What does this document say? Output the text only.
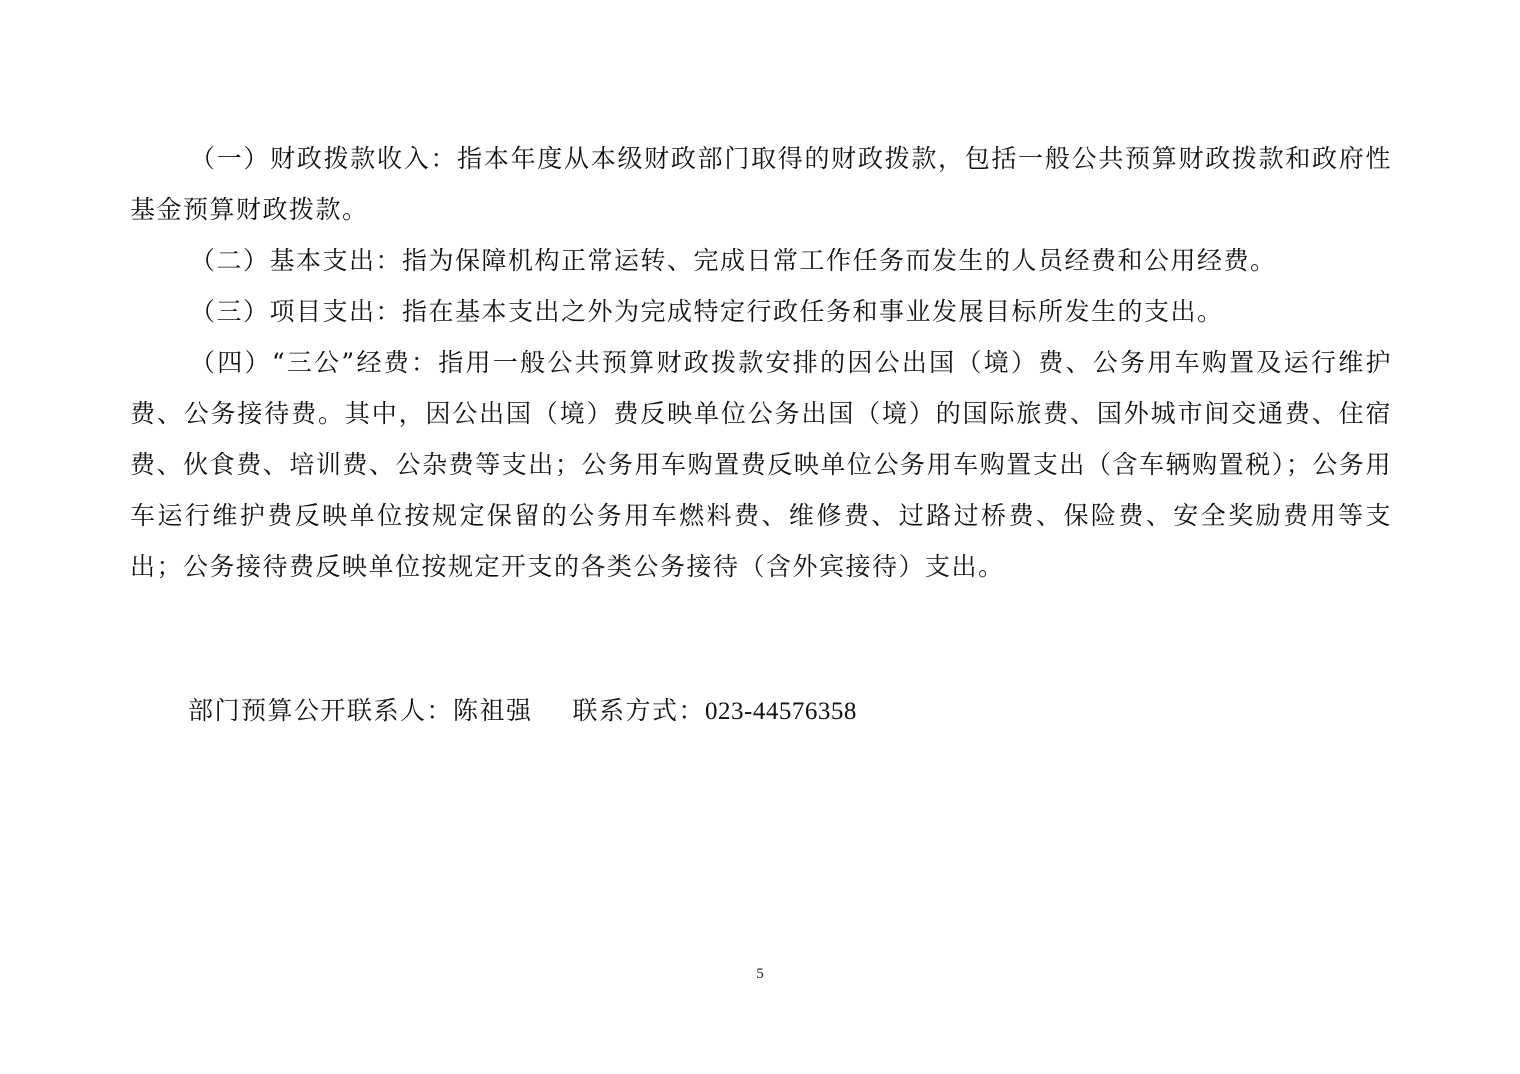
（一）财政拨款收入：指本年度从本级财政部门取得的财政拨款，包括一般公共预算财政拨款和政府性基金预算财政拨款。

（二）基本支出：指为保障机构正常运转、完成日常工作任务而发生的人员经费和公用经费。

（三）项目支出：指在基本支出之外为完成特定行政任务和事业发展目标所发生的支出。

（四）“三公”经费：指用一般公共预算财政拨款安排的因公出国（境）费、公务用车购置及运行维护费、公务接待费。其中，因公出国（境）费反映单位公务出国（境）的国际旅费、国外城市间交通费、住宿费、伙食费、培训费、公杂费等支出；公务用车购置费反映单位公务用车购置支出（含车辆购置税）；公务用车运行维护费反映单位按规定保留的公务用车燃料费、维修费、过路过桥费、保险费、安全奖励费用等支出；公务接待费反映单位按规定开支的各类公务接待（含外宾接待）支出。

部门预算公开联系人：陈祖强 联系方式：023-44576358
5
